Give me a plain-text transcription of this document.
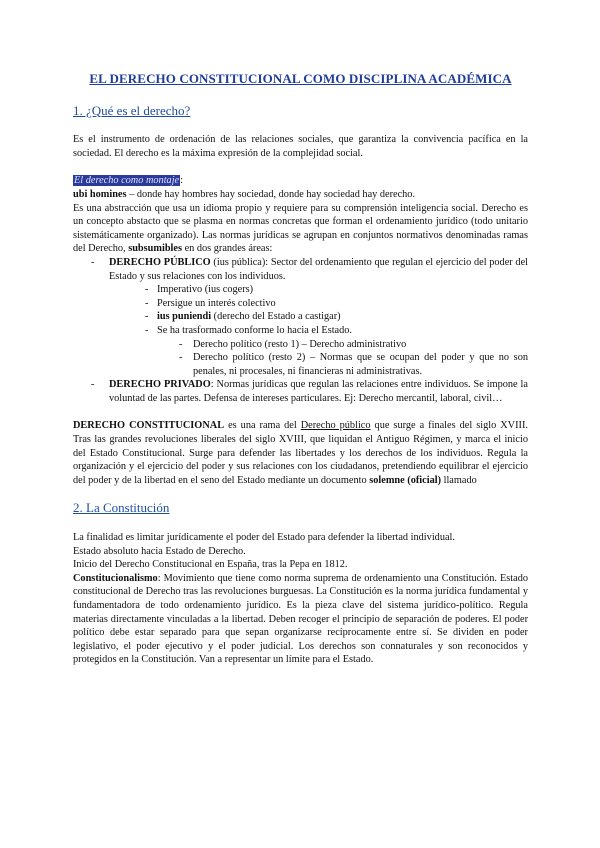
EL DERECHO CONSTITUCIONAL COMO DISCIPLINA ACADÉMICA
1. ¿Qué es el derecho?

Es el instrumento de ordenación de las relaciones sociales, que garantiza la convivencia pacífica en la sociedad. El derecho es la máxima expresión de la complejidad social.

El derecho como montaje:

ubi homines – donde hay hombres hay sociedad, donde hay sociedad hay derecho.

Es una abstracción que usa un idioma propio y requiere para su comprensión inteligencia social. Derecho es un concepto abstacto que se plasma en normas concretas que forman el ordenamiento jurídico (todo unitario sistemáticamente organizado). Las normas jurídicas se agrupan en conjuntos normativos denominadas ramas del Derecho, subsumibles en dos grandes áreas:

- DERECHO PÚBLICO (ius pública): Sector del ordenamiento que regulan el ejercicio del poder del Estado y sus relaciones con los individuos.
- Imperativo (ius cogers)
- Persigue un interés colectivo
- ius puniendi (derecho del Estado a castigar)
- Se ha trasformado conforme lo hacia el Estado.
- Derecho político (resto 1) – Derecho administrativo
- Derecho político (resto 2) – Normas que se ocupan del poder y que no son penales, ni procesales, ni financieras ni administrativas.
- DERECHO PRIVADO: Normas jurídicas que regulan las relaciones entre individuos. Se impone la voluntad de las partes. Defensa de intereses particulares. Ej: Derecho mercantil, laboral, civil…

DERECHO CONSTITUCIONAL es una rama del Derecho público que surge a finales del siglo XVIII. Tras las grandes revoluciones liberales del siglo XVIII, que liquidan el Antiguo Régimen, y marca el inicio del Estado Constitucional. Surge para defender las libertades y los derechos de los individuos. Regula la organización y el ejercicio del poder y sus relaciones con los ciudadanos, pretendiendo equilibrar el ejercicio del poder y de la libertad en el seno del Estado mediante un documento solemne (oficial) llamado

2. La Constitución

La finalidad es limitar jurídicamente el poder del Estado para defender la libertad individual.

Estado absoluto hacia Estado de Derecho.

Inicio del Derecho Constitucional en España, tras la Pepa en 1812.

Constitucionalismo: Movimiento que tiene como norma suprema de ordenamiento una Constitución. Estado constitucional de Derecho tras las revoluciones burguesas. La Constitución es la norma jurídica fundamental y fundamentadora de todo ordenamiento jurídico. Es la pieza clave del sistema jurídico-político. Regula materias directamente vinculadas a la libertad. Deben recoger el principio de separación de poderes. El poder político debe estar separado para que sepan organizarse recíprocamente entre sí. Se dividen en poder legislativo, el poder ejecutivo y el poder judicial. Los derechos son connaturales y son reconocidos y protegidos en la Constitución. Van a representar un límite para el Estado.
